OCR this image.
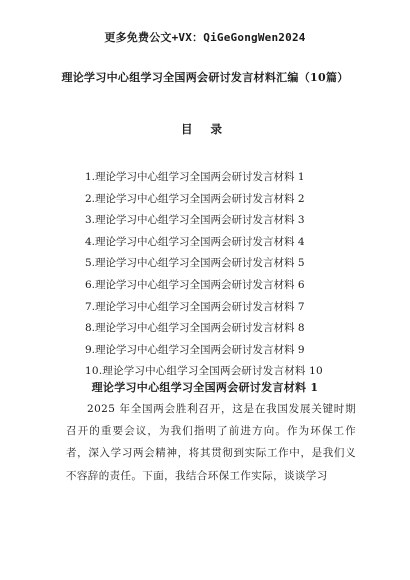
更多免费公文+VX：QiGeGongWen2024
理论学习中心组学习全国两会研讨发言材料汇编（10篇）
目 录
1.理论学习中心组学习全国两会研讨发言材料 1
2.理论学习中心组学习全国两会研讨发言材料 2
3.理论学习中心组学习全国两会研讨发言材料 3
4.理论学习中心组学习全国两会研讨发言材料 4
5.理论学习中心组学习全国两会研讨发言材料 5
6.理论学习中心组学习全国两会研讨发言材料 6
7.理论学习中心组学习全国两会研讨发言材料 7
8.理论学习中心组学习全国两会研讨发言材料 8
9.理论学习中心组学习全国两会研讨发言材料 9
10.理论学习中心组学习全国两会研讨发言材料 10
理论学习中心组学习全国两会研讨发言材料 1

2025 年全国两会胜利召开，这是在我国发展关键时期召开的重要会议，为我们指明了前进方向。作为环保工作者，深入学习两会精神，将其贯彻到实际工作中，是我们义不容辞的责任。下面，我结合环保工作实际，谈谈学习
